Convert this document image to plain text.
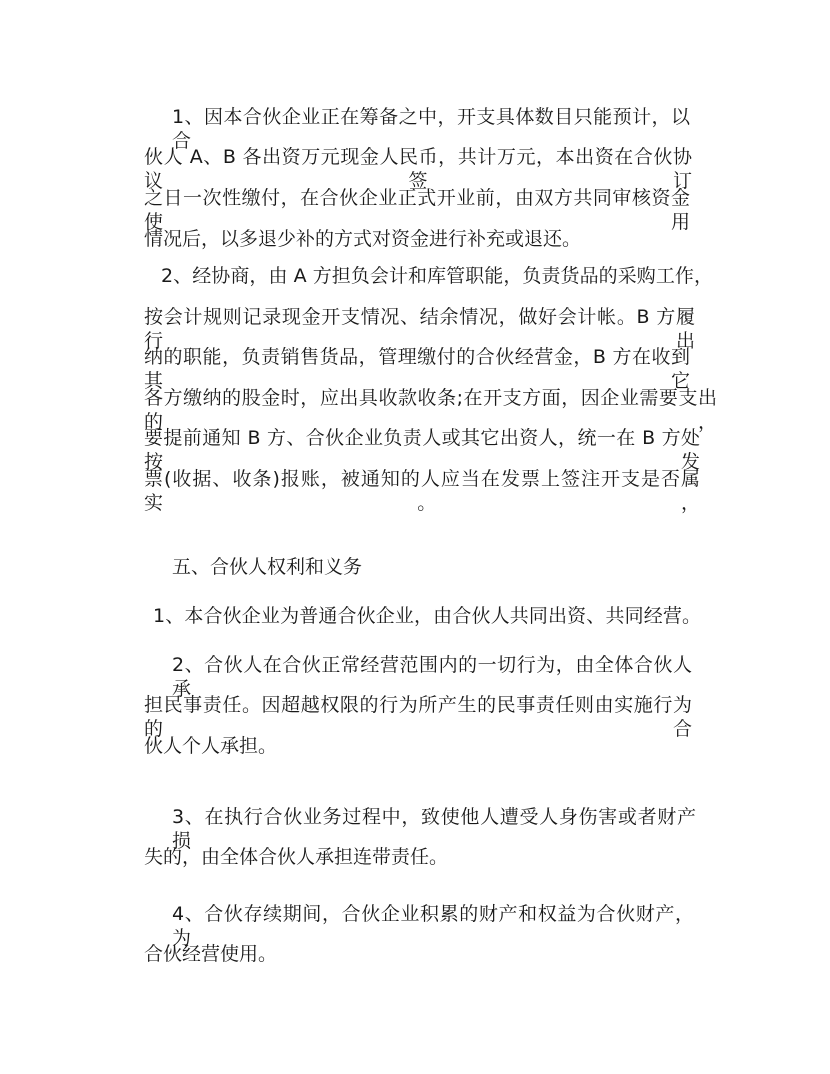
1、因本合伙企业正在筹备之中，开支具体数目只能预计，以合
伙人 A、B 各出资万元现金人民币，共计万元，本出资在合伙协议签订
之日一次性缴付，在合伙企业正式开业前，由双方共同审核资金使用
情况后，以多退少补的方式对资金进行补充或退还。
2、经协商，由 A 方担负会计和库管职能，负责货品的采购工作，
按会计规则记录现金开支情况、结余情况，做好会计帐。B 方履行出
纳的职能，负责销售货品，管理缴付的合伙经营金，B 方在收到其它
各方缴纳的股金时，应出具收款收条;在开支方面，因企业需要支出的，
要提前通知 B 方、合伙企业负责人或其它出资人，统一在 B 方处按发
票(收据、收条)报账，被通知的人应当在发票上签注开支是否属实。，
五、合伙人权利和义务
1、本合伙企业为普通合伙企业，由合伙人共同出资、共同经营。
2、合伙人在合伙正常经营范围内的一切行为，由全体合伙人承
担民事责任。因超越权限的行为所产生的民事责任则由实施行为的合
伙人个人承担。
3、在执行合伙业务过程中，致使他人遭受人身伤害或者财产损
失的，由全体合伙人承担连带责任。
4、合伙存续期间，合伙企业积累的财产和权益为合伙财产，为
合伙经营使用。
